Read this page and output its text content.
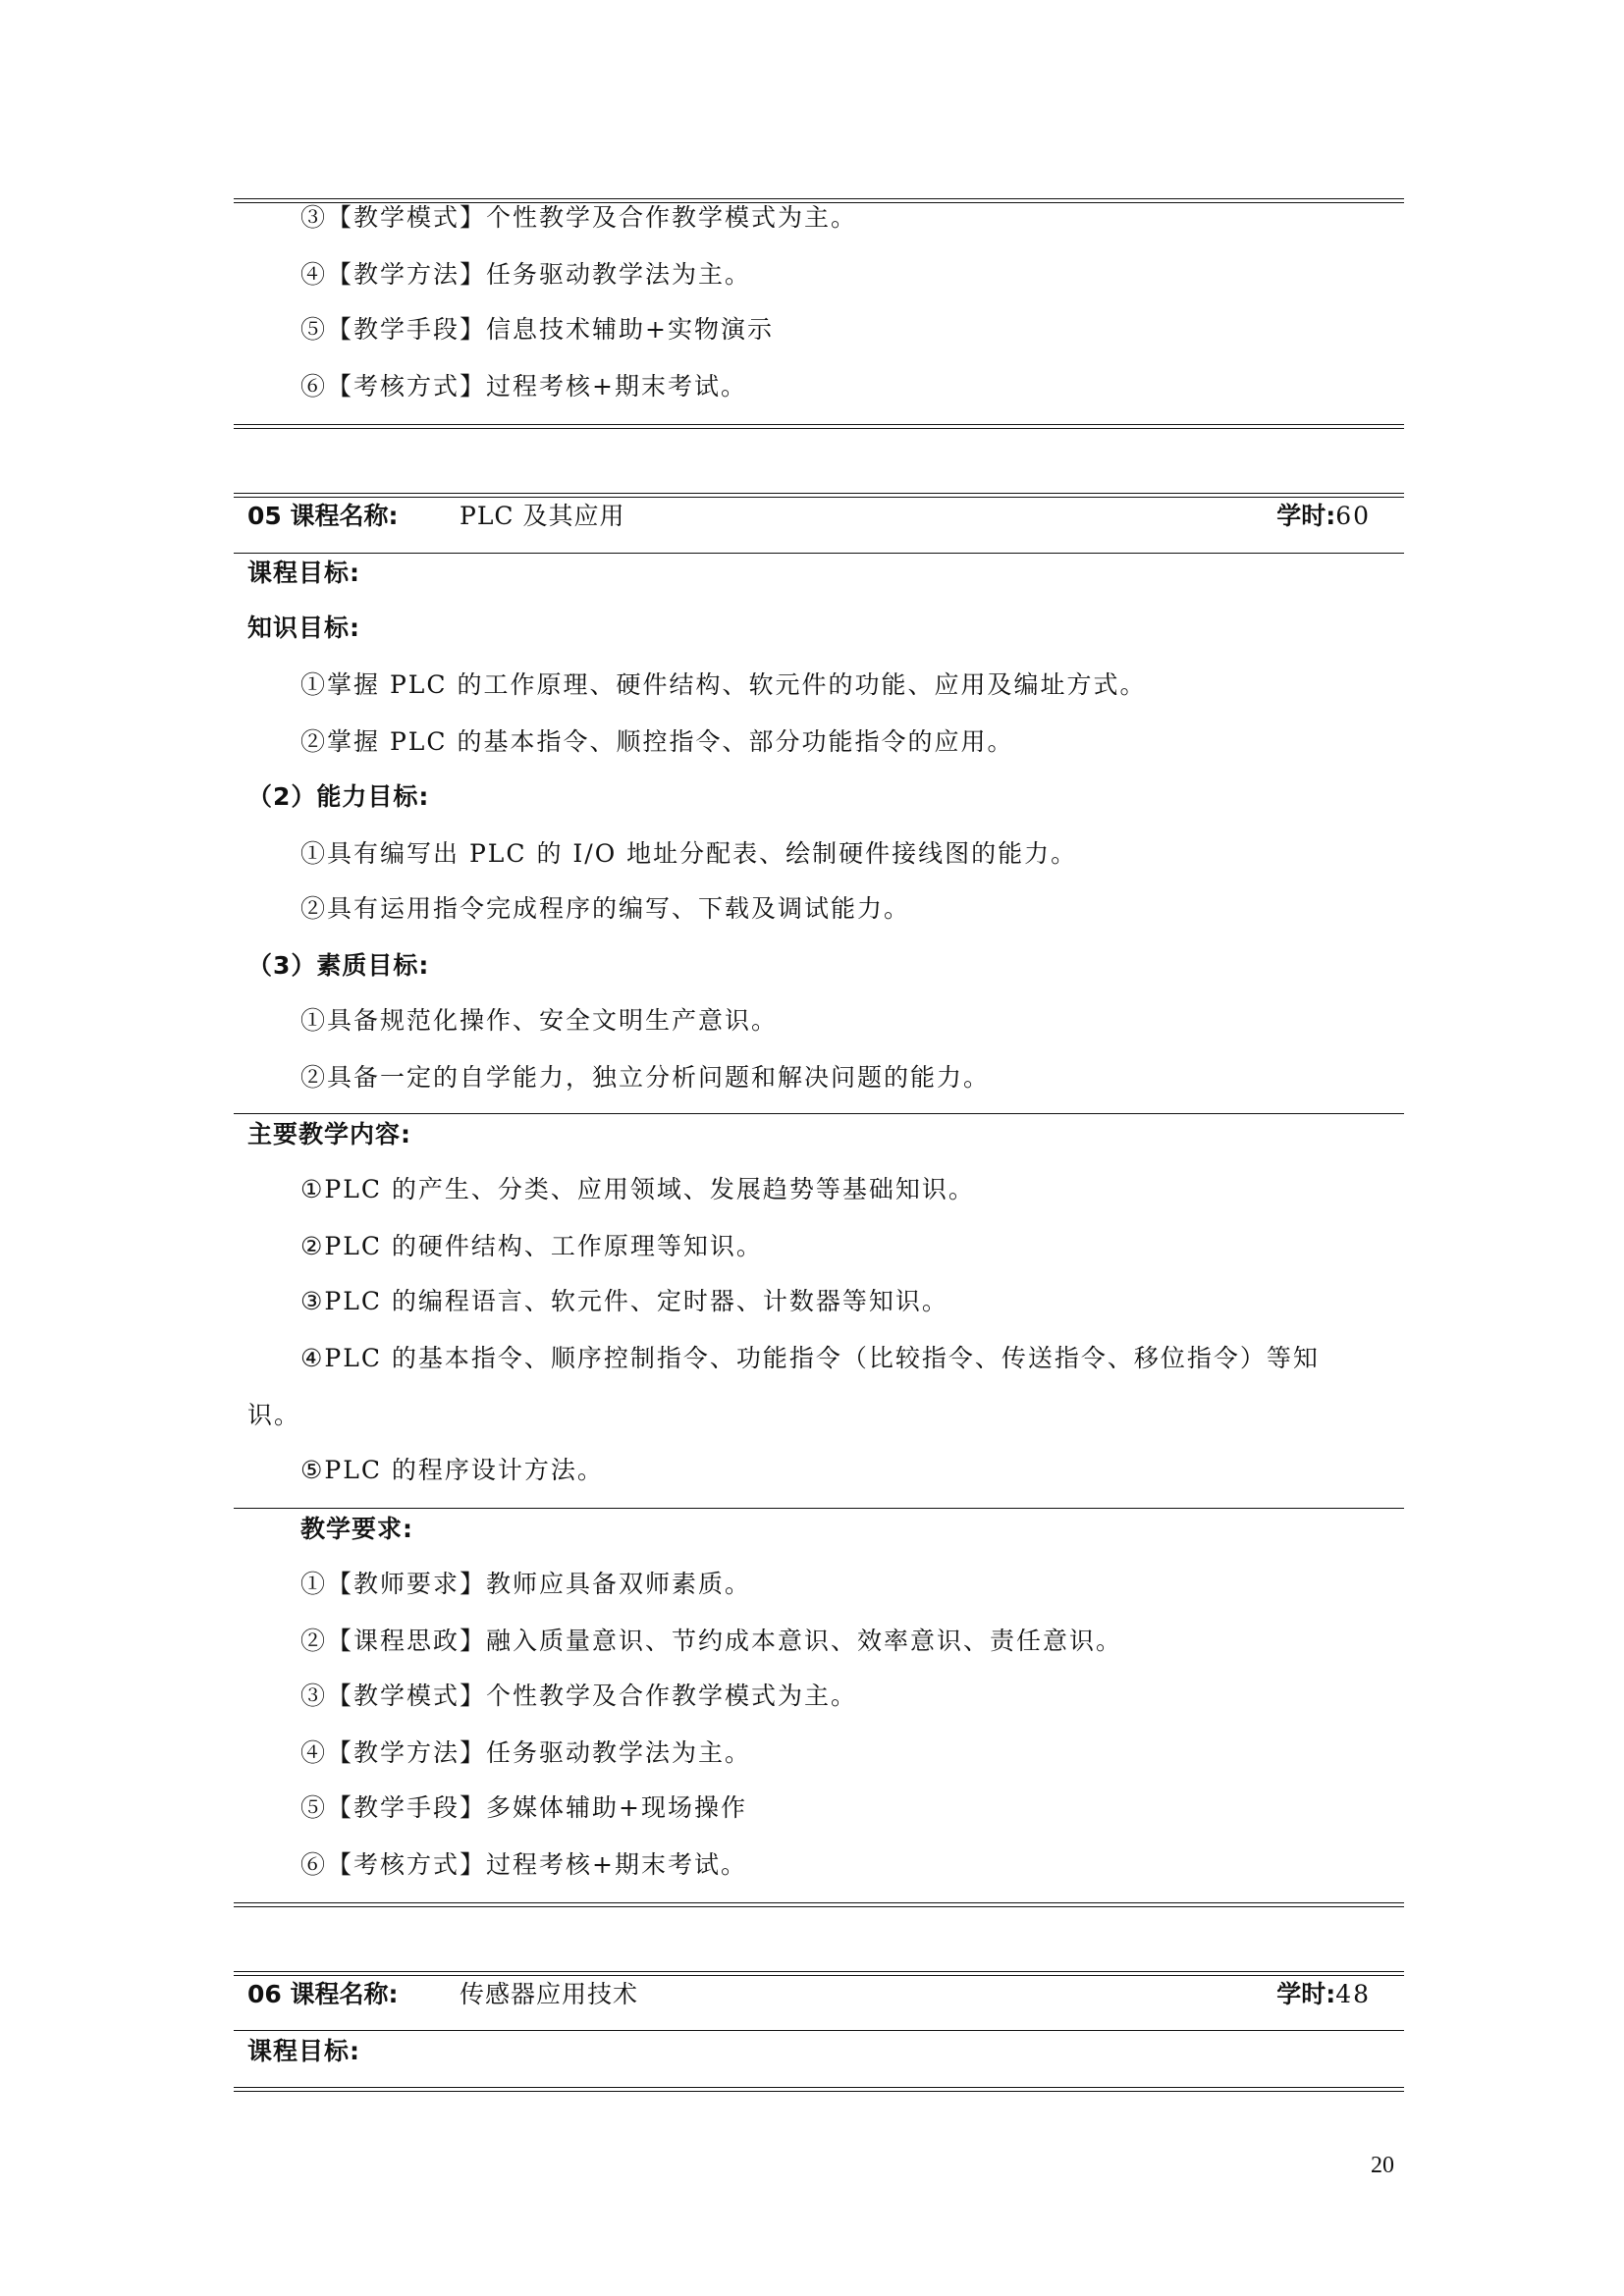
③【教学模式】个性教学及合作教学模式为主。
④【教学方法】任务驱动教学法为主。
⑤【教学手段】信息技术辅助+实物演示
⑥【考核方式】过程考核+期末考试。
05 课程名称:	PLC 及其应用	学时:60
课程目标:
知识目标:
①掌握 PLC 的工作原理、硬件结构、软元件的功能、应用及编址方式。
②掌握 PLC 的基本指令、顺控指令、部分功能指令的应用。
（2）能力目标:
①具有编写出 PLC 的 I/O 地址分配表、绘制硬件接线图的能力。
②具有运用指令完成程序的编写、下载及调试能力。
（3）素质目标:
①具备规范化操作、安全文明生产意识。
②具备一定的自学能力，独立分析问题和解决问题的能力。
主要教学内容:
①PLC 的产生、分类、应用领域、发展趋势等基础知识。
②PLC 的硬件结构、工作原理等知识。
③PLC 的编程语言、软元件、定时器、计数器等知识。
④PLC 的基本指令、顺序控制指令、功能指令（比较指令、传送指令、移位指令）等知
识。
⑤PLC 的程序设计方法。
教学要求:
①【教师要求】教师应具备双师素质。
②【课程思政】融入质量意识、节约成本意识、效率意识、责任意识。
③【教学模式】个性教学及合作教学模式为主。
④【教学方法】任务驱动教学法为主。
⑤【教学手段】多媒体辅助+现场操作
⑥【考核方式】过程考核+期末考试。
06 课程名称:	传感器应用技术	学时:48
课程目标:
20
